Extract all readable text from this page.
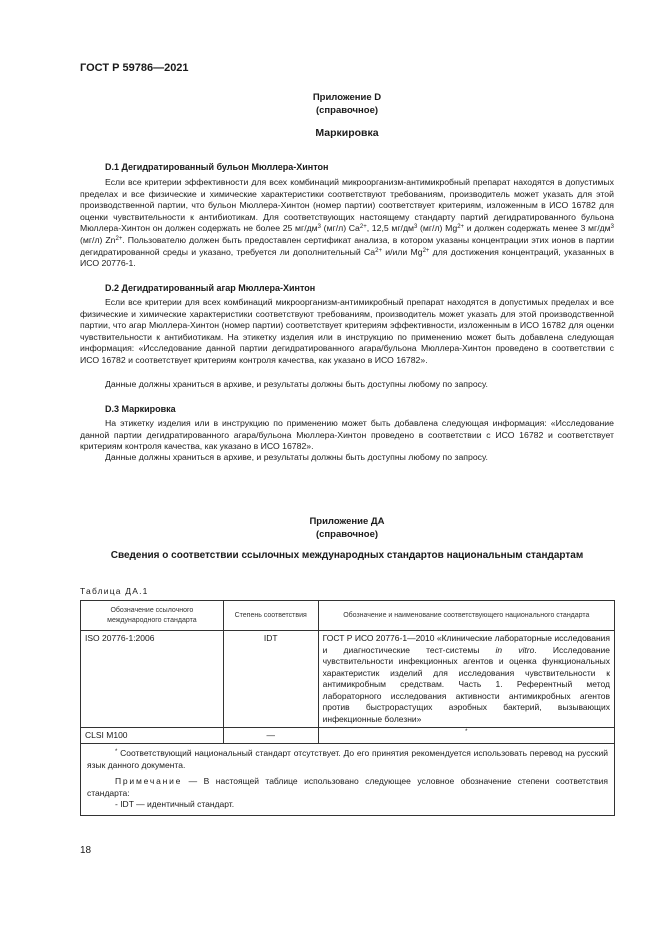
ГОСТ Р 59786—2021
Приложение D
(справочное)
Маркировка
D.1 Дегидратированный бульон Мюллера-Хинтон
Если все критерии эффективности для всех комбинаций микроорганизм-антимикробный препарат находятся в допустимых пределах и все физические и химические характеристики соответствуют требованиям, производитель может указать для этой производственной партии, что бульон Мюллера-Хинтон (номер партии) соответствует критериям, изложенным в ИСО 16782 для оценки чувствительности к антибиотикам. Для соответствующих настоящему стандарту партий дегидратированного бульона Мюллера-Хинтон он должен содержать не более 25 $мг/дм^3$ (мг/л) $Ca^{2+}$, 12,5 $мг/дм^3$ (мг/л) $Mg^{2+}$ и должен содержать менее 3 $мг/дм^3$ (мг/л) $Zn^{2+}$. Пользователю должен быть предоставлен сертификат анализа, в котором указаны концентрации этих ионов в партии дегидратированной среды и указано, требуется ли дополнительный $Ca^{2+}$ и/или $Mg^{2+}$ для достижения концентраций, указанных в ИСО 20776-1.
D.2 Дегидратированный агар Мюллера-Хинтон
Если все критерии для всех комбинаций микроорганизм-антимикробный препарат находятся в допустимых пределах и все физические и химические характеристики соответствуют требованиям, производитель может указать для этой производственной партии, что агар Мюллера-Хинтон (номер партии) соответствует критериям эффективности, изложенным в ИСО 16782 для оценки чувствительности к антибиотикам. На этикетку изделия или в инструкцию по применению может быть добавлена следующая информация: «Исследование данной партии дегидратированного агара/бульона Мюллера-Хинтон проведено в соответствии с ИСО 16782 и соответствует критериям контроля качества, как указано в ИСО 16782».
Данные должны храниться в архиве, и результаты должны быть доступны любому по запросу.
D.3 Маркировка
На этикетку изделия или в инструкцию по применению может быть добавлена следующая информация: «Исследование данной партии дегидратированного агара/бульона Мюллера-Хинтон проведено в соответствии с ИСО 16782 и соответствует критериям контроля качества, как указано в ИСО 16782».
Данные должны храниться в архиве, и результаты должны быть доступны любому по запросу.
Приложение ДА
(справочное)
Сведения о соответствии ссылочных международных стандартов национальным стандартам
Таблица ДА.1
Обозначение ссылочного международного стандарта	Степень соответствия	Обозначение и наименование соответствующего национального стандарта
ISO 20776-1:2006	IDT	ГОСТ Р ИСО 20776-1—2010 «Клинические лабораторные исследования и диагностические тест-системы in vitro. Исследование чувствительности инфекционных агентов и оценка функциональных характеристик изделий для исследования чувствительности к антимикробным средствам. Часть 1. Референтный метод лабораторного исследования активности антимикробных агентов против быстрорастущих аэробных бактерий, вызывающих инфекционные болезни»
CLSI M100	—	*

* Соответствующий национальный стандарт отсутствует. До его принятия рекомендуется использовать перевод на русский язык данного документа.
Примечание — В настоящей таблице использовано следующее условное обозначение степени соответствия стандарта:
- IDT — идентичный стандарт.		
18
